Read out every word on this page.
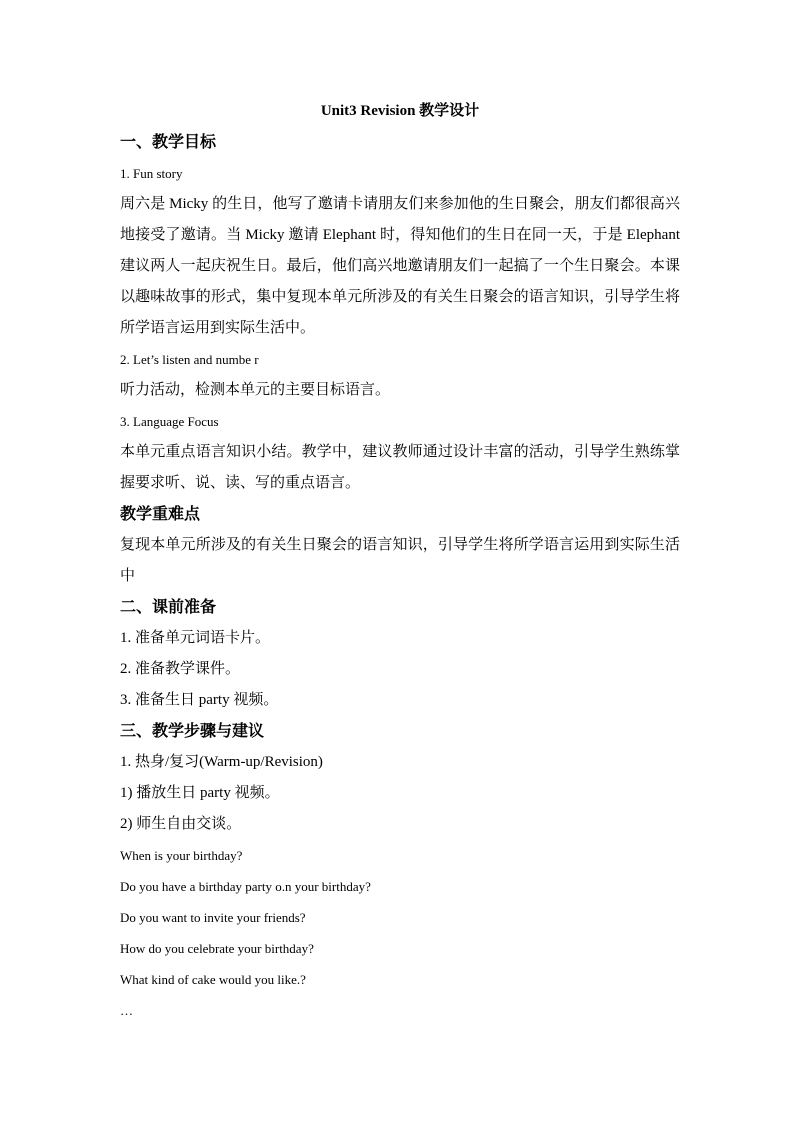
Unit3 Revision 教学设计

一、教学目标

1. Fun story

周六是 Micky 的生日，他写了邀请卡请朋友们来参加他的生日聚会，朋友们都很高兴地接受了邀请。当 Micky 邀请 Elephant 时，得知他们的生日在同一天，于是 Elephant 建议两人一起庆祝生日。最后，他们高兴地邀请朋友们一起搞了一个生日聚会。本课以趣味故事的形式，集中复现本单元所涉及的有关生日聚会的语言知识，引导学生将所学语言运用到实际生活中。

2. Let’s listen and numbe r

听力活动，检测本单元的主要目标语言。

3. Language Focus

本单元重点语言知识小结。教学中，建议教师通过设计丰富的活动，引导学生熟练掌握要求听、说、读、写的重点语言。

教学重难点

复现本单元所涉及的有关生日聚会的语言知识，引导学生将所学语言运用到实际生活中

二、课前准备

1. 准备单元词语卡片。

2. 准备教学课件。

3. 准备生日 party 视频。

三、教学步骤与建议

1. 热身/复习(Warm-up/Revision)

1) 播放生日 party 视频。

2) 师生自由交谈。

When is your birthday?

Do you have a birthday party o.n your birthday?

Do you want to invite your friends?

How do you celebrate your birthday?

What kind of cake would you like.?

…
